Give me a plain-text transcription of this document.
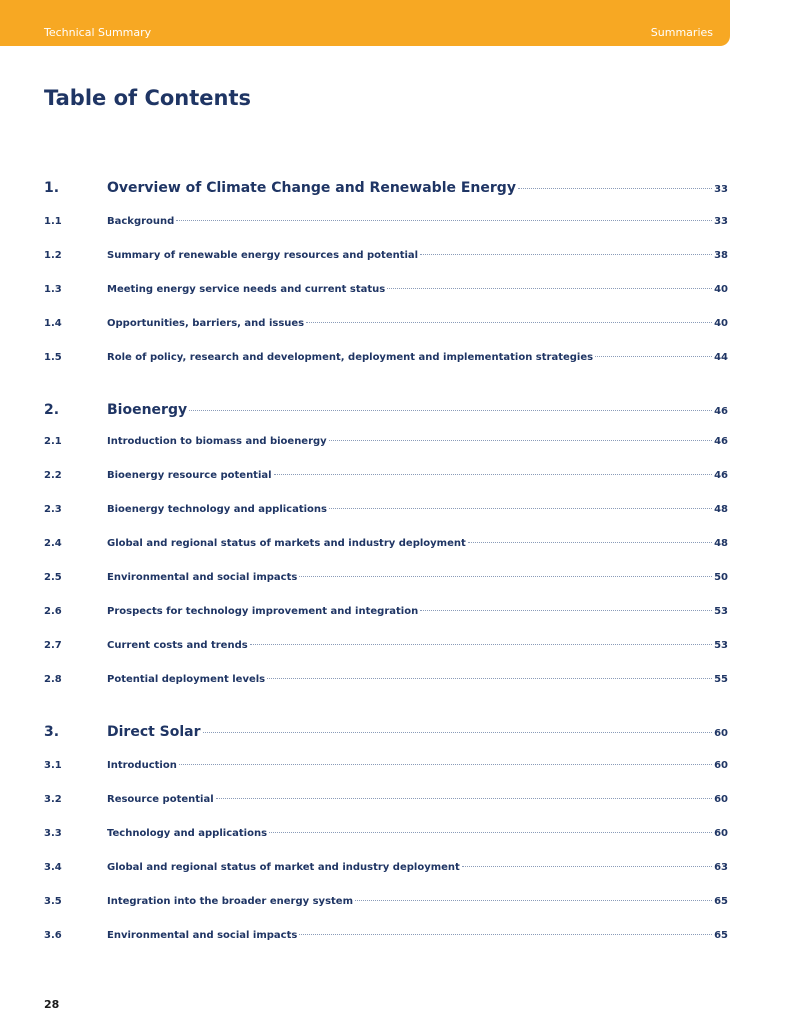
Technical Summary	Summaries
Table of Contents
1.	Overview of Climate Change and Renewable Energy	33
1.1	Background	33
1.2	Summary of renewable energy resources and potential	38
1.3	Meeting energy service needs and current status	40
1.4	Opportunities, barriers, and issues	40
1.5	Role of policy, research and development, deployment and implementation strategies	44
2.	Bioenergy	46
2.1	Introduction to biomass and bioenergy	46
2.2	Bioenergy resource potential	46
2.3	Bioenergy technology and applications	48
2.4	Global and regional status of markets and industry deployment	48
2.5	Environmental and social impacts	50
2.6	Prospects for technology improvement and integration	53
2.7	Current costs and trends	53
2.8	Potential deployment levels	55
3.	Direct Solar	60
3.1	Introduction	60
3.2	Resource potential	60
3.3	Technology and applications	60
3.4	Global and regional status of market and industry deployment	63
3.5	Integration into the broader energy system	65
3.6	Environmental and social impacts	65
28
